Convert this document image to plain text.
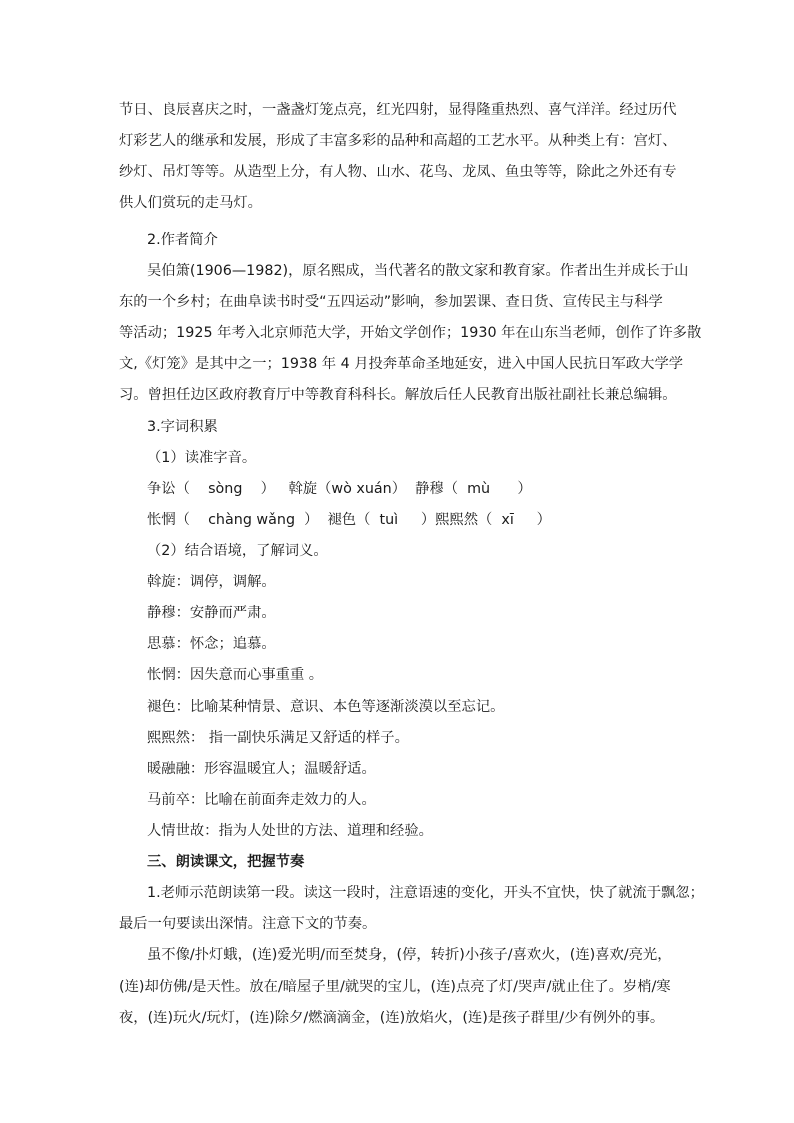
节日、良辰喜庆之时，一盏盏灯笼点亮，红光四射，显得隆重热烈、喜气洋洋。经过历代
灯彩艺人的继承和发展，形成了丰富多彩的品种和高超的工艺水平。从种类上有：宫灯、
纱灯、吊灯等等。从造型上分，有人物、山水、花鸟、龙凤、鱼虫等等，除此之外还有专
供人们赏玩的走马灯。
2.作者简介
吴伯箫(1906—1982)，原名熙成，当代著名的散文家和教育家。作者出生并成长于山
东的一个乡村；在曲阜读书时受“五四运动”影响，参加罢课、查日货、宣传民主与科学
等活动；1925 年考入北京师范大学，开始文学创作；1930 年在山东当老师，创作了许多散
文,《灯笼》是其中之一；1938 年 4 月投奔革命圣地延安，进入中国人民抗日军政大学学
习。曾担任边区政府教育厅中等教育科科长。解放后任人民教育出版社副社长兼总编辑。
3.字词积累
（1）读准字音。
争讼（    sòng    ）   斡旋（wò xuán）  静穆（  mù      ）
怅惘（    chàng wǎng  ）  褪色（  tuì     ）熙熙然（  xī     ）
（2）结合语境，了解词义。
斡旋：调停，调解。
静穆：安静而严肃。
思慕：怀念；追慕。
怅惘：因失意而心事重重 。
褪色：比喻某种情景、意识、本色等逐渐淡漠以至忘记。
熙熙然： 指一副快乐满足又舒适的样子。
暖融融：形容温暖宜人；温暖舒适。
马前卒：比喻在前面奔走效力的人。
人情世故：指为人处世的方法、道理和经验。
三、朗读课文，把握节奏
1.老师示范朗读第一段。读这一段时，注意语速的变化，开头不宜快，快了就流于飘忽；
最后一句要读出深情。注意下文的节奏。
虽不像/扑灯蛾，(连)爱光明/而至焚身，(停，转折)小孩子/喜欢火，(连)喜欢/亮光，
(连)却仿佛/是天性。放在/暗屋子里/就哭的宝儿，(连)点亮了灯/哭声/就止住了。岁梢/寒
夜，(连)玩火/玩灯，(连)除夕/燃滴滴金，(连)放焰火，(连)是孩子群里/少有例外的事。
